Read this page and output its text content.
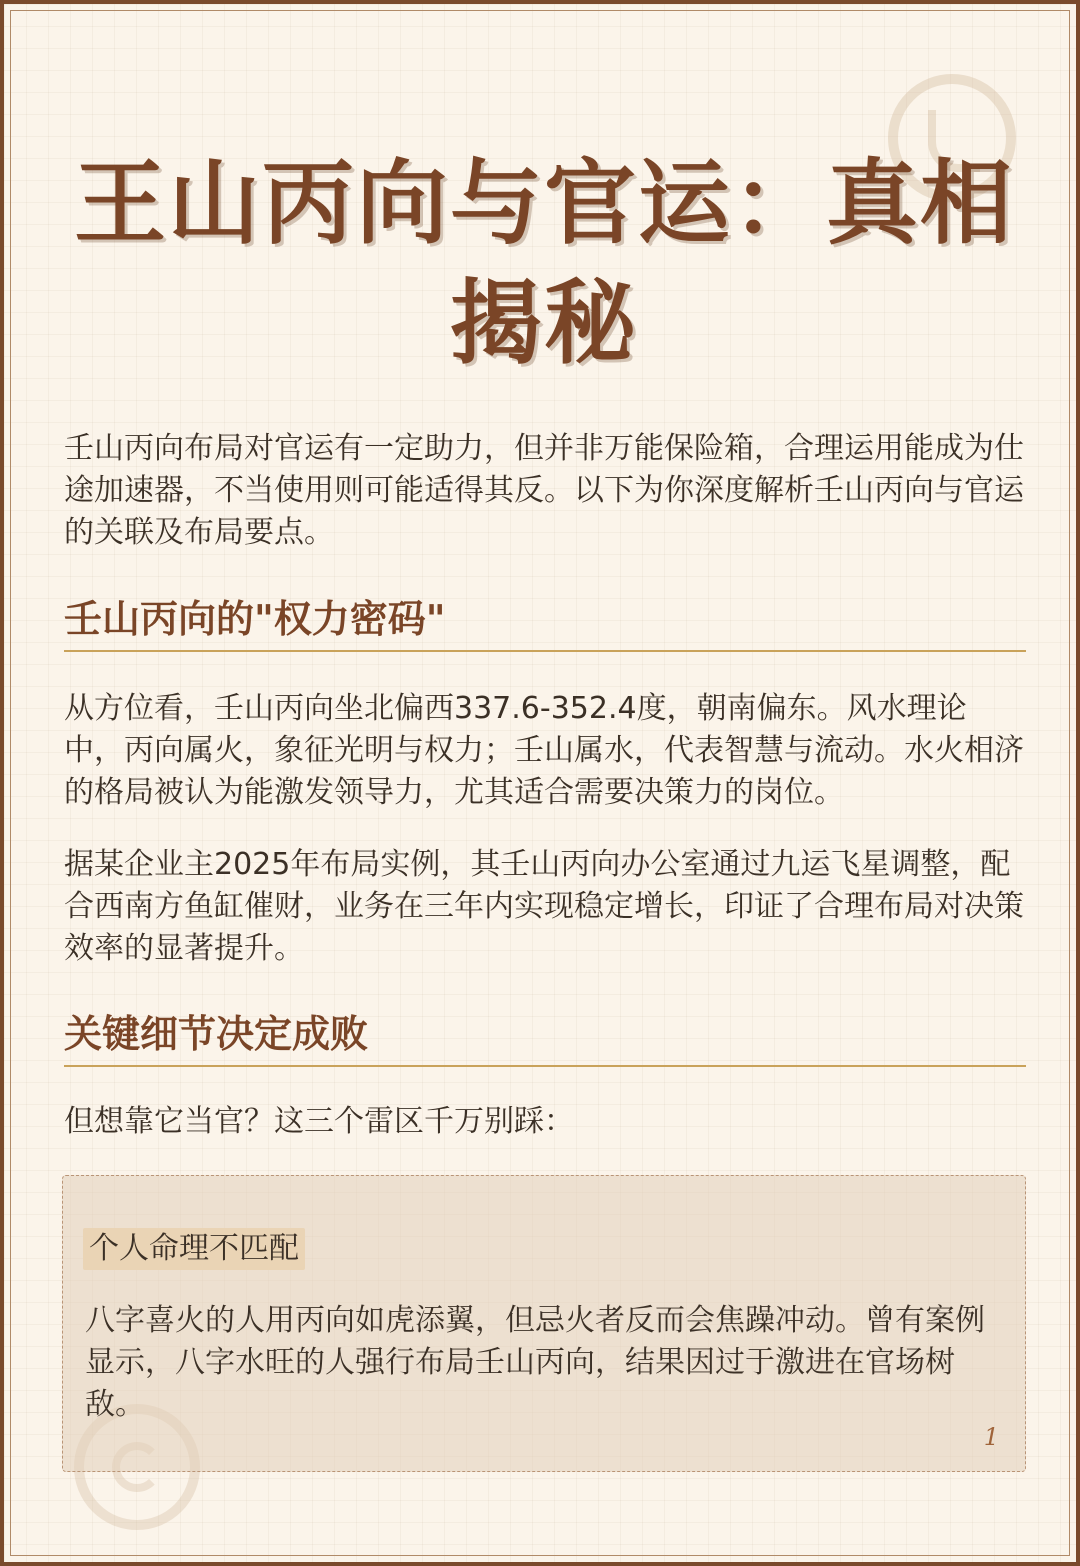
王山丙向与官运：真相揭秘

壬山丙向布局对官运有一定助力，但并非万能保险箱，合理运用能成为仕途加速器，不当使用则可能适得其反。以下为你深度解析壬山丙向与官运的关联及布局要点。

壬山丙向的"权力密码"

从方位看，壬山丙向坐北偏西337.6-352.4度，朝南偏东。风水理论中，丙向属火，象征光明与权力；壬山属水，代表智慧与流动。水火相济的格局被认为能激发领导力，尤其适合需要决策力的岗位。

据某企业主2025年布局实例，其壬山丙向办公室通过九运飞星调整，配合西南方鱼缸催财，业务在三年内实现稳定增长，印证了合理布局对决策效率的显著提升。

关键细节决定成败

但想靠它当官？这三个雷区千万别踩：

个人命理不匹配

八字喜火的人用丙向如虎添翼，但忌火者反而会焦躁冲动。曾有案例显示，八字水旺的人强行布局壬山丙向，结果因过于激进在官场树敌。

1
